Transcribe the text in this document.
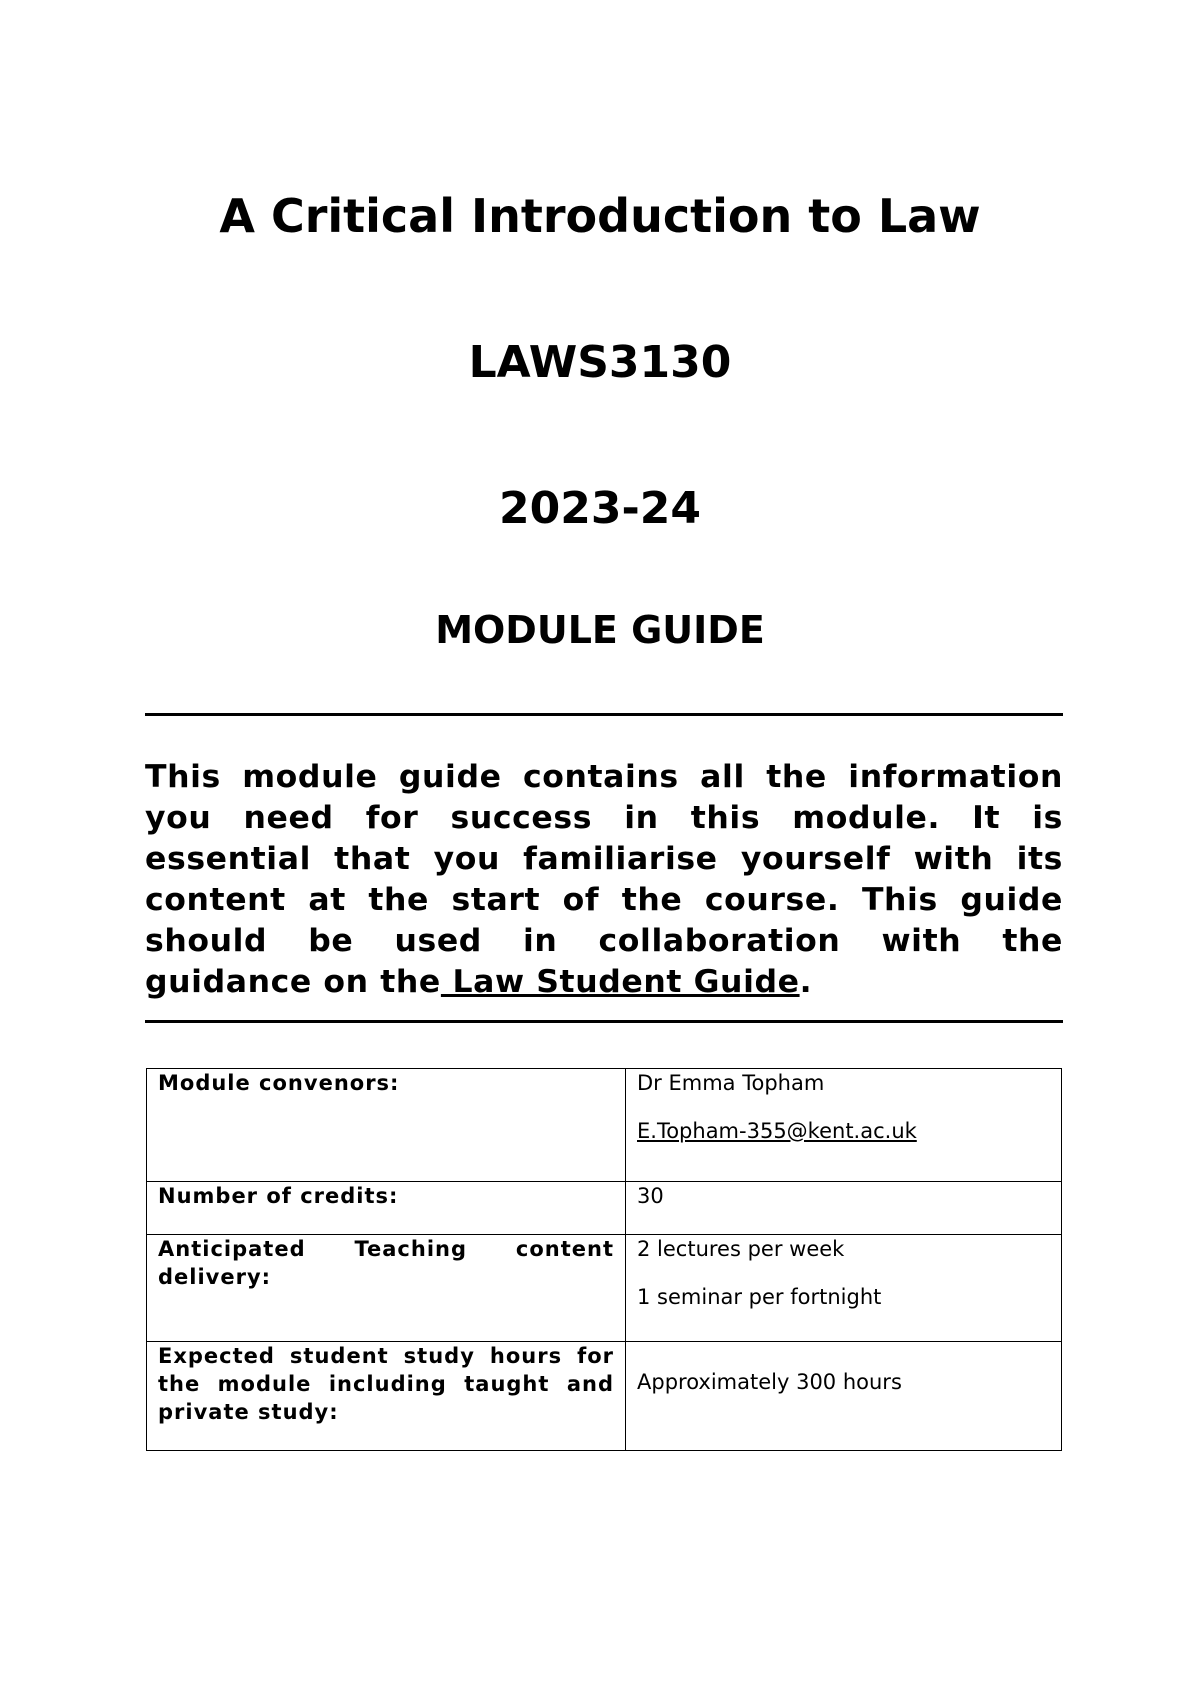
A Critical Introduction to Law
LAWS3130
2023-24
MODULE GUIDE
This module guide contains all the information you need for success in this module. It is essential that you familiarise yourself with its content at the start of the course. This guide should be used in collaboration with the guidance on the Law Student Guide.
Module convenors:	Dr Emma Topham

E.Topham-355@kent.ac.uk

Number of credits:	30

Anticipated Teaching content delivery:	2 lectures per week

1 seminar per fortnight

Expected student study hours for the module including taught and private study:	Approximately 300 hours
